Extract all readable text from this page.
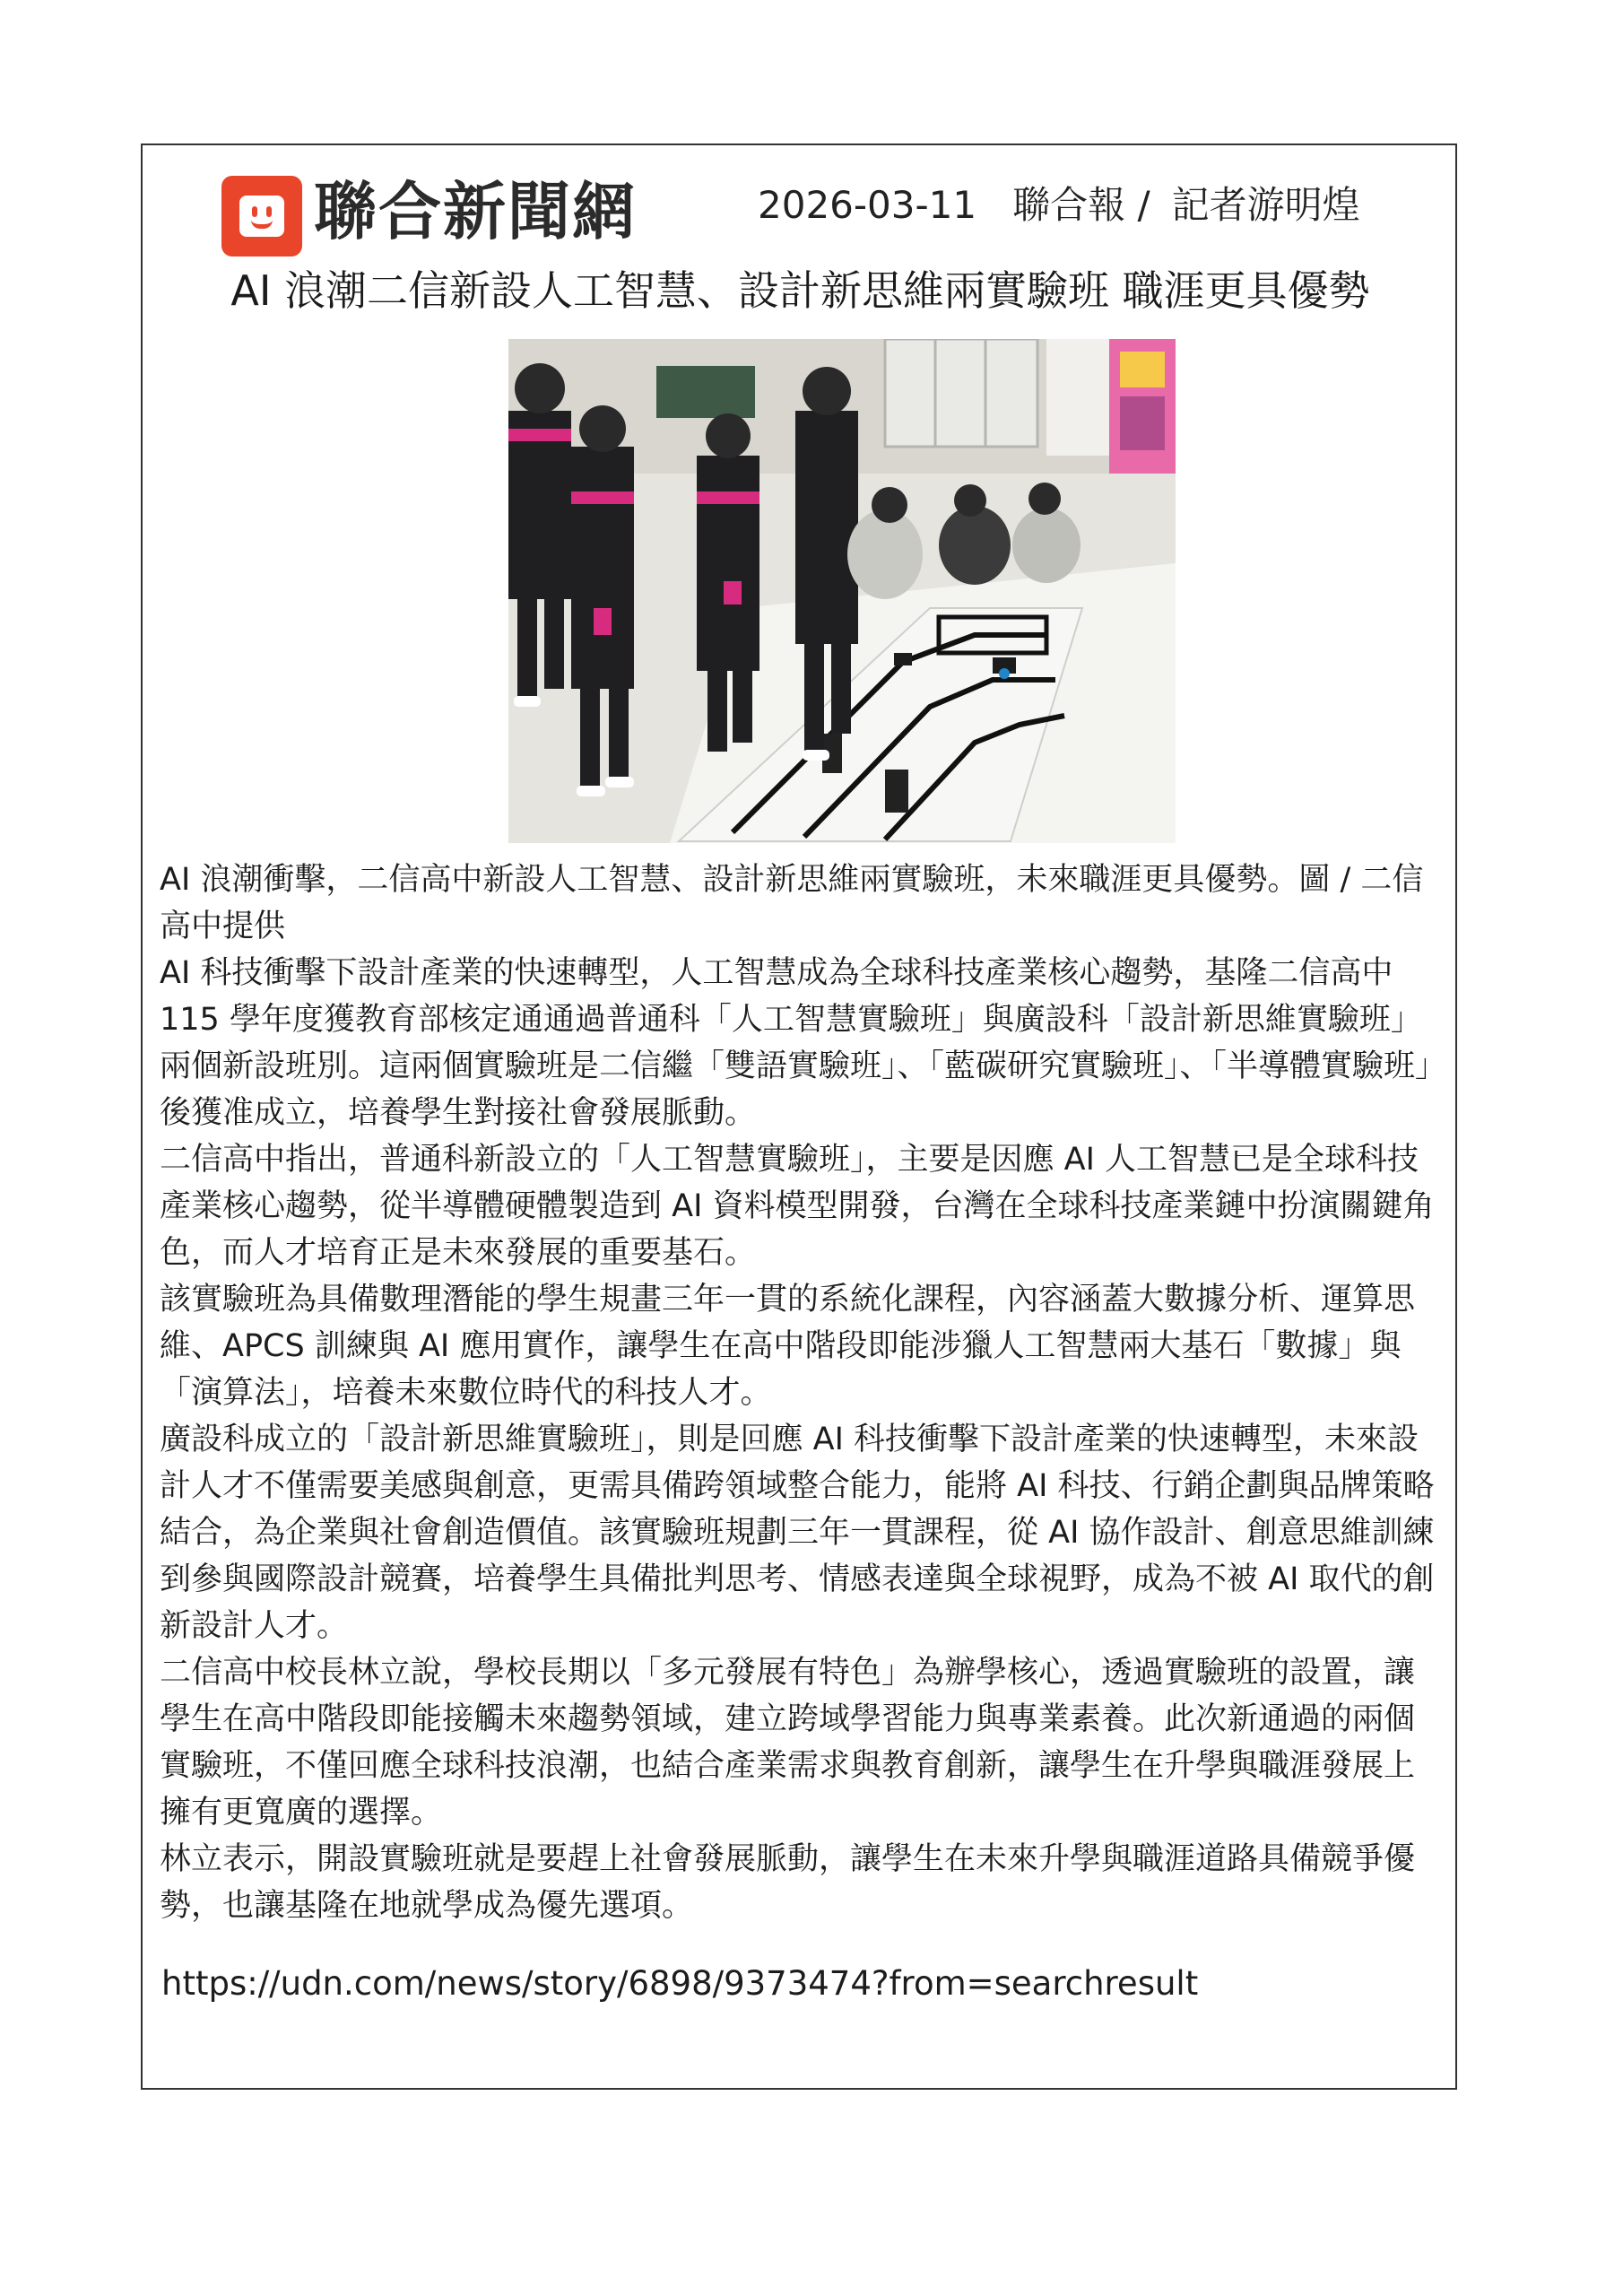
聯合新聞網	2026-03-11 聯合報 / 記者游明煌
AI 浪潮二信新設人工智慧、設計新思維兩實驗班 職涯更具優勢

AI 浪潮衝擊，二信高中新設人工智慧、設計新思維兩實驗班，未來職涯更具優勢。圖 / 二信高中提供

AI 科技衝擊下設計產業的快速轉型，人工智慧成為全球科技產業核心趨勢，基隆二信高中 115 學年度獲教育部核定通通過普通科「人工智慧實驗班」與廣設科「設計新思維實驗班」兩個新設班別。這兩個實驗班是二信繼「雙語實驗班」、「藍碳研究實驗班」、「半導體實驗班」後獲准成立，培養學生對接社會發展脈動。

二信高中指出，普通科新設立的「人工智慧實驗班」，主要是因應 AI 人工智慧已是全球科技產業核心趨勢，從半導體硬體製造到 AI 資料模型開發，台灣在全球科技產業鏈中扮演關鍵角色，而人才培育正是未來發展的重要基石。

該實驗班為具備數理潛能的學生規畫三年一貫的系統化課程，內容涵蓋大數據分析、運算思維、APCS 訓練與 AI 應用實作，讓學生在高中階段即能涉獵人工智慧兩大基石「數據」與「演算法」，培養未來數位時代的科技人才。

廣設科成立的「設計新思維實驗班」，則是回應 AI 科技衝擊下設計產業的快速轉型，未來設計人才不僅需要美感與創意，更需具備跨領域整合能力，能將 AI 科技、行銷企劃與品牌策略結合，為企業與社會創造價值。該實驗班規劃三年一貫課程，從 AI 協作設計、創意思維訓練到參與國際設計競賽，培養學生具備批判思考、情感表達與全球視野，成為不被 AI 取代的創新設計人才。

二信高中校長林立說，學校長期以「多元發展有特色」為辦學核心，透過實驗班的設置，讓學生在高中階段即能接觸未來趨勢領域，建立跨域學習能力與專業素養。此次新通過的兩個實驗班，不僅回應全球科技浪潮，也結合產業需求與教育創新，讓學生在升學與職涯發展上擁有更寬廣的選擇。

林立表示，開設實驗班就是要趕上社會發展脈動，讓學生在未來升學與職涯道路具備競爭優勢，也讓基隆在地就學成為優先選項。

https://udn.com/news/story/6898/9373474?from=searchresult
